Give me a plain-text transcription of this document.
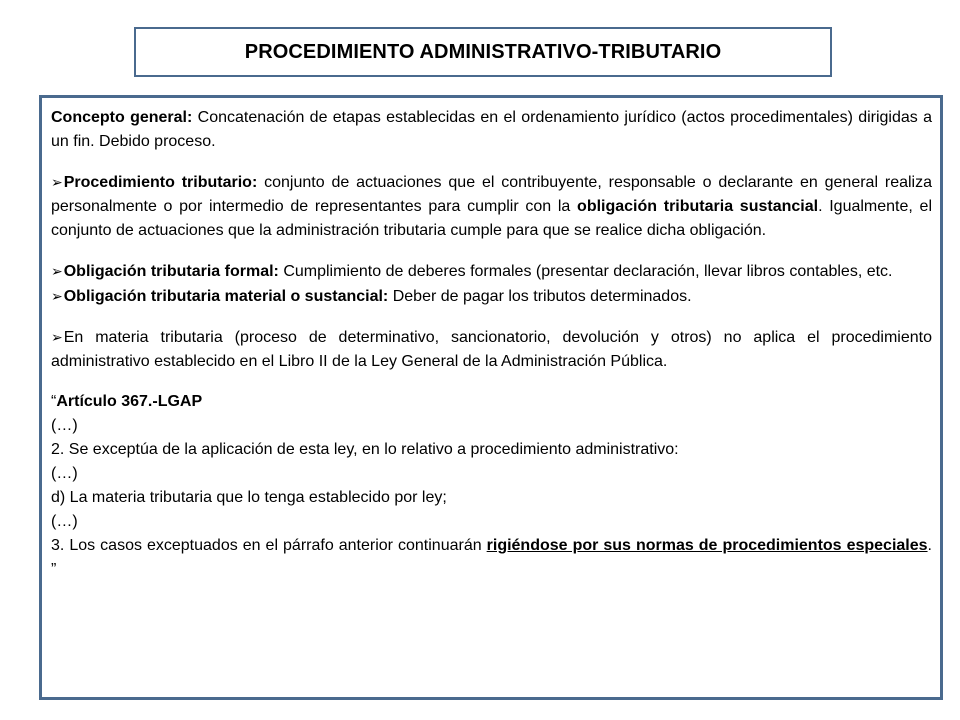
PROCEDIMIENTO ADMINISTRATIVO-TRIBUTARIO

Concepto general: Concatenación de etapas establecidas en el ordenamiento jurídico (actos procedimentales) dirigidas a un fin. Debido proceso.

➢Procedimiento tributario: conjunto de actuaciones que el contribuyente, responsable o declarante en general realiza personalmente o por intermedio de representantes para cumplir con la obligación tributaria sustancial. Igualmente, el conjunto de actuaciones que la administración tributaria cumple para que se realice dicha obligación.

➢Obligación tributaria formal: Cumplimiento de deberes formales (presentar declaración, llevar libros contables, etc.

➢Obligación tributaria material o sustancial: Deber de pagar los tributos determinados.

➢En materia tributaria (proceso de determinativo, sancionatorio, devolución y otros) no aplica el procedimiento administrativo establecido en el Libro II de la Ley General de la Administración Pública.

“Artículo 367.-LGAP

(…)

2. Se exceptúa de la aplicación de esta ley, en lo relativo a procedimiento administrativo:

(…)

d) La materia tributaria que lo tenga establecido por ley;

(…)

3. Los casos exceptuados en el párrafo anterior continuarán rigiéndose por sus normas de procedimientos especiales. ”
